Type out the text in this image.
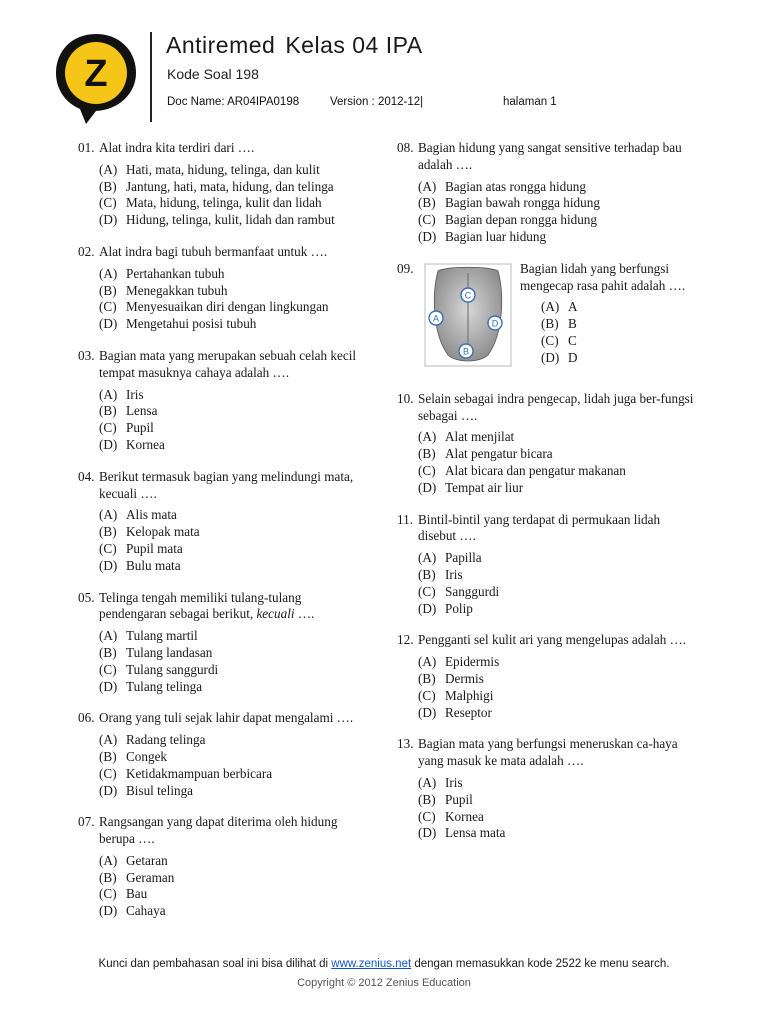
Z
Antiremed Kelas 04 IPA
Kode Soal 198
Doc Name: AR04IPA0198	Version : 2012-12|	halaman 1
01. Alat indra kita terdiri dari ….
(A) Hati, mata, hidung, telinga, dan kulit
(B) Jantung, hati, mata, hidung, dan telinga
(C) Mata, hidung, telinga, kulit dan lidah
(D) Hidung, telinga, kulit, lidah dan rambut
02. Alat indra bagi tubuh bermanfaat untuk ….
(A) Pertahankan tubuh
(B) Menegakkan tubuh
(C) Menyesuaikan diri dengan lingkungan
(D) Mengetahui posisi tubuh
03. Bagian mata yang merupakan sebuah celah kecil tempat masuknya cahaya adalah ….
(A) Iris
(B) Lensa
(C) Pupil
(D) Kornea
04. Berikut termasuk bagian yang melindungi mata, kecuali ….
(A) Alis mata
(B) Kelopak mata
(C) Pupil mata
(D) Bulu mata
05. Telinga tengah memiliki tulang-tulang pendengaran sebagai berikut, kecuali ….
(A) Tulang martil
(B) Tulang landasan
(C) Tulang sanggurdi
(D) Tulang telinga
06. Orang yang tuli sejak lahir dapat mengalami ….
(A) Radang telinga
(B) Congek
(C) Ketidakmampuan berbicara
(D) Bisul telinga
07. Rangsangan yang dapat diterima oleh hidung berupa ….
(A) Getaran
(B) Geraman
(C) Bau
(D) Cahaya
08. Bagian hidung yang sangat sensitive terhadap bau adalah ….
(A) Bagian atas rongga hidung
(B) Bagian bawah rongga hidung
(C) Bagian depan rongga hidung
(D) Bagian luar hidung
09.
C
A	D
B
Bagian lidah yang berfungsi mengecap rasa pahit adalah ….
(A) A
(B) B
(C) C
(D) D
10. Selain sebagai indra pengecap, lidah juga ber-fungsi sebagai ….
(A) Alat menjilat
(B) Alat pengatur bicara
(C) Alat bicara dan pengatur makanan
(D) Tempat air liur
11. Bintil-bintil yang terdapat di permukaan lidah disebut ….
(A) Papilla
(B) Iris
(C) Sanggurdi
(D) Polip
12. Pengganti sel kulit ari yang mengelupas adalah ….
(A) Epidermis
(B) Dermis
(C) Malphigi
(D) Reseptor
13. Bagian mata yang berfungsi meneruskan ca-haya yang masuk ke mata adalah ….
(A) Iris
(B) Pupil
(C) Kornea
(D) Lensa mata
Kunci dan pembahasan soal ini bisa dilihat di www.zenius.net dengan memasukkan kode 2522 ke menu search.
Copyright © 2012 Zenius Education
